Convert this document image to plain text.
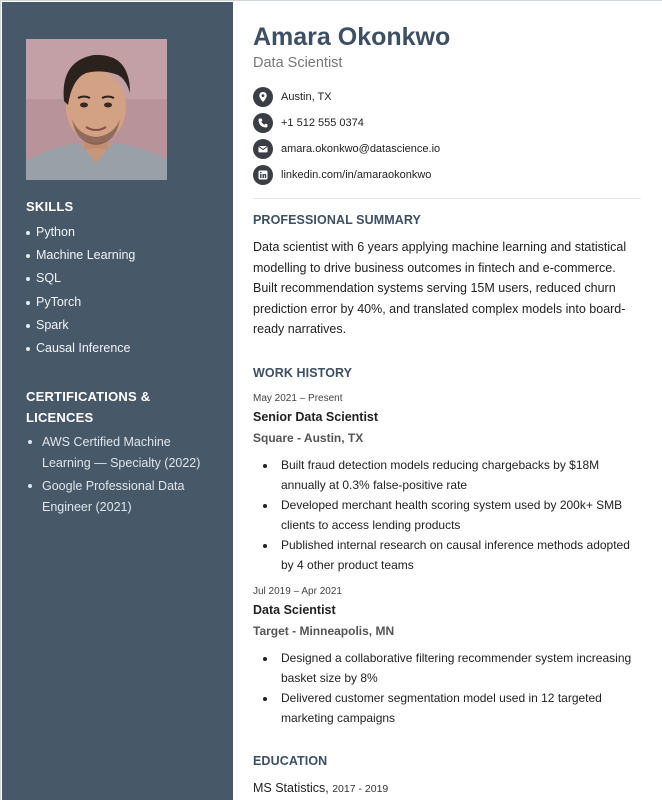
SKILLS
Python
Machine Learning
SQL
PyTorch
Spark
Causal Inference
CERTIFICATIONS & LICENCES
AWS Certified Machine Learning — Specialty (2022)
Google Professional Data Engineer (2021)
Amara Okonkwo
Data Scientist
Austin, TX
+1 512 555 0374
amara.okonkwo@datascience.io
linkedin.com/in/amaraokonkwo
PROFESSIONAL SUMMARY

Data scientist with 6 years applying machine learning and statistical modelling to drive business outcomes in fintech and e-commerce. Built recommendation systems serving 15M users, reduced churn prediction error by 40%, and translated complex models into board-ready narratives.

WORK HISTORY
May 2021 – Present
Senior Data Scientist
Square - Austin, TX
Built fraud detection models reducing chargebacks by $18M annually at 0.3% false-positive rate
Developed merchant health scoring system used by 200k+ SMB clients to access lending products
Published internal research on causal inference methods adopted by 4 other product teams
Jul 2019 – Apr 2021
Data Scientist
Target - Minneapolis, MN
Designed a collaborative filtering recommender system increasing basket size by 8%
Delivered customer segmentation model used in 12 targeted marketing campaigns
EDUCATION
MS Statistics, 2017 - 2019
